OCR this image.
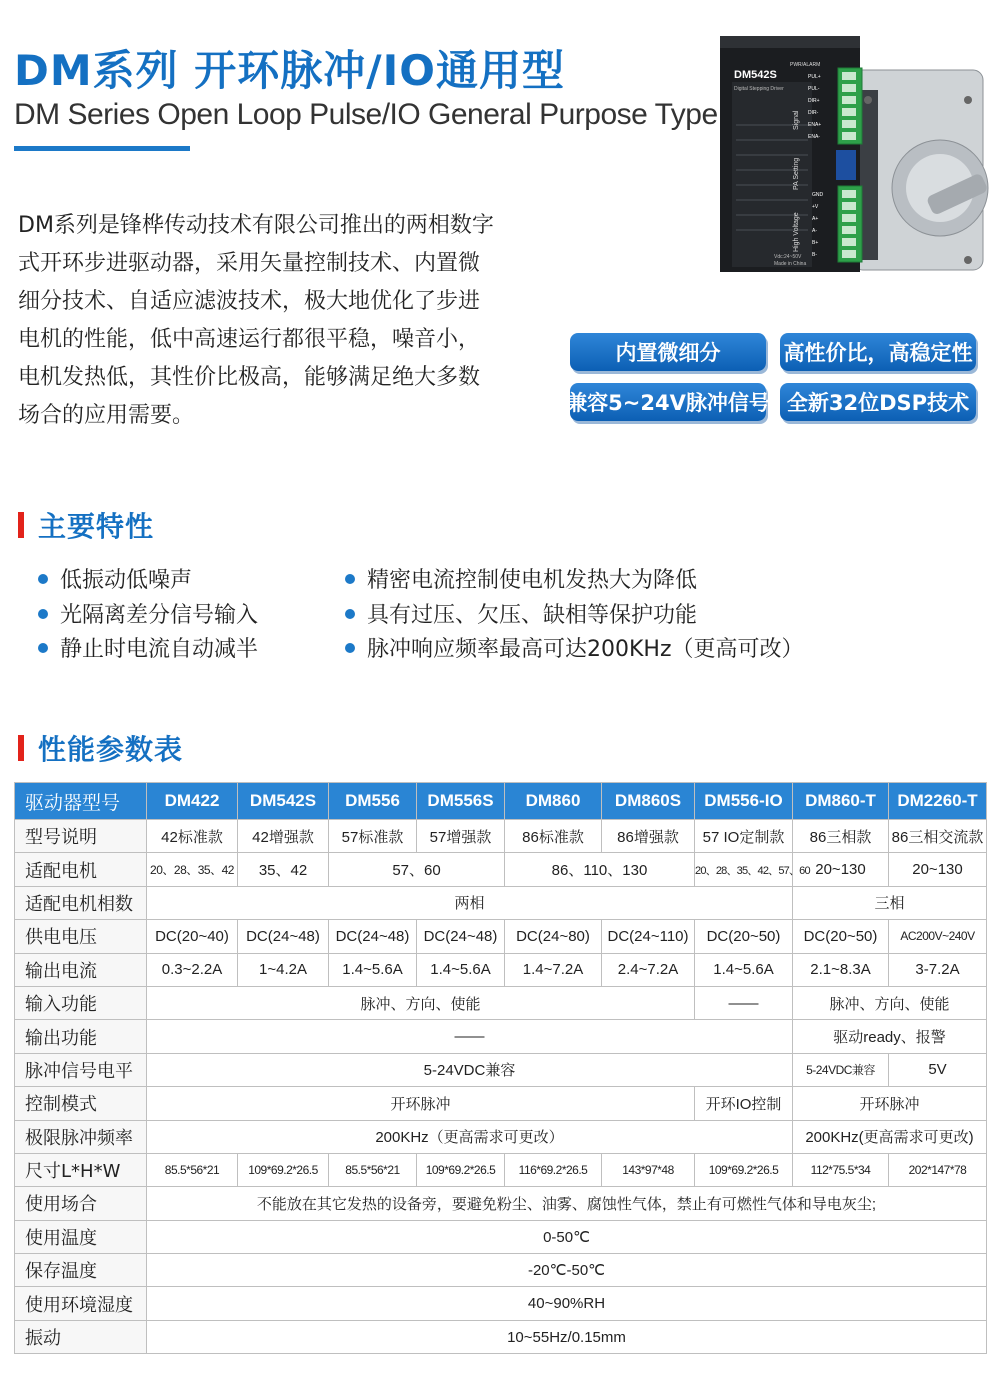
DM系列 开环脉冲/IO通用型
DM Series Open Loop Pulse/IO General Purpose Type
DM542S
Digital Stepping Driver
PWR/ALARM
Signal
PA Setting
High Voltage
Vdc:24~50V
Made in China
PUL+
PUL-
DIR+
DIR-
ENA+
ENA-
GND
+V
A+
A-
B+
B-

DM系列是锋桦传动技术有限公司推出的两相数字

式开环步进驱动器，采用矢量控制技术、内置微

细分技术、自适应滤波技术，极大地优化了步进

电机的性能，低中高速运行都很平稳，噪音小，

电机发热低，其性价比极高，能够满足绝大多数

场合的应用需要。

内置微细分	高性价比，高稳定性
兼容5~24V脉冲信号 全新32位DSP技术
主要特性
低振动低噪声
光隔离差分信号输入
静止时电流自动减半
精密电流控制使电机发热大为降低
具有过压、欠压、缺相等保护功能
脉冲响应频率最高可达200KHz（更高可改）
性能参数表
驱动器型号	DM422	DM542S	DM556	DM556S	DM860	DM860S	DM556-IO	DM860-T	DM2260-T
型号说明	42标准款	42增强款	57标准款	57增强款	86标准款	86增强款	57 IO定制款	86三相款	86三相交流款
适配电机	20、28、35、42	35、42	57、60		86、110、130		20、28、35、42、57、60	20~130	20~130
适配电机相数	两相							三相	
供电电压	DC(20~40)	DC(24~48)	DC(24~48)	DC(24~48)	DC(24~80)	DC(24~110)	DC(20~50)	DC(20~50)	AC200V~240V
输出电流	0.3~2.2A	1~4.2A	1.4~5.6A	1.4~5.6A	1.4~7.2A	2.4~7.2A	1.4~5.6A	2.1~8.3A	3-7.2A
输入功能	脉冲、方向、使能						——	脉冲、方向、使能	
输出功能	——							驱动ready、报警	
脉冲信号电平	5-24VDC兼容							5-24VDC兼容	5V
控制模式	开环脉冲						开环IO控制	开环脉冲	
极限脉冲频率	200KHz（更高需求可更改）							200KHz(更高需求可更改)	
尺寸L*H*W	85.5*56*21	109*69.2*26.5	85.5*56*21	109*69.2*26.5	116*69.2*26.5	143*97*48	109*69.2*26.5	112*75.5*34	202*147*78
使用场合	不能放在其它发热的设备旁，要避免粉尘、油雾、腐蚀性气体，禁止有可燃性气体和导电灰尘;								
使用温度	0-50℃								
保存温度	-20℃-50℃								
使用环境湿度	40~90%RH								
振动	10~55Hz/0.15mm								
